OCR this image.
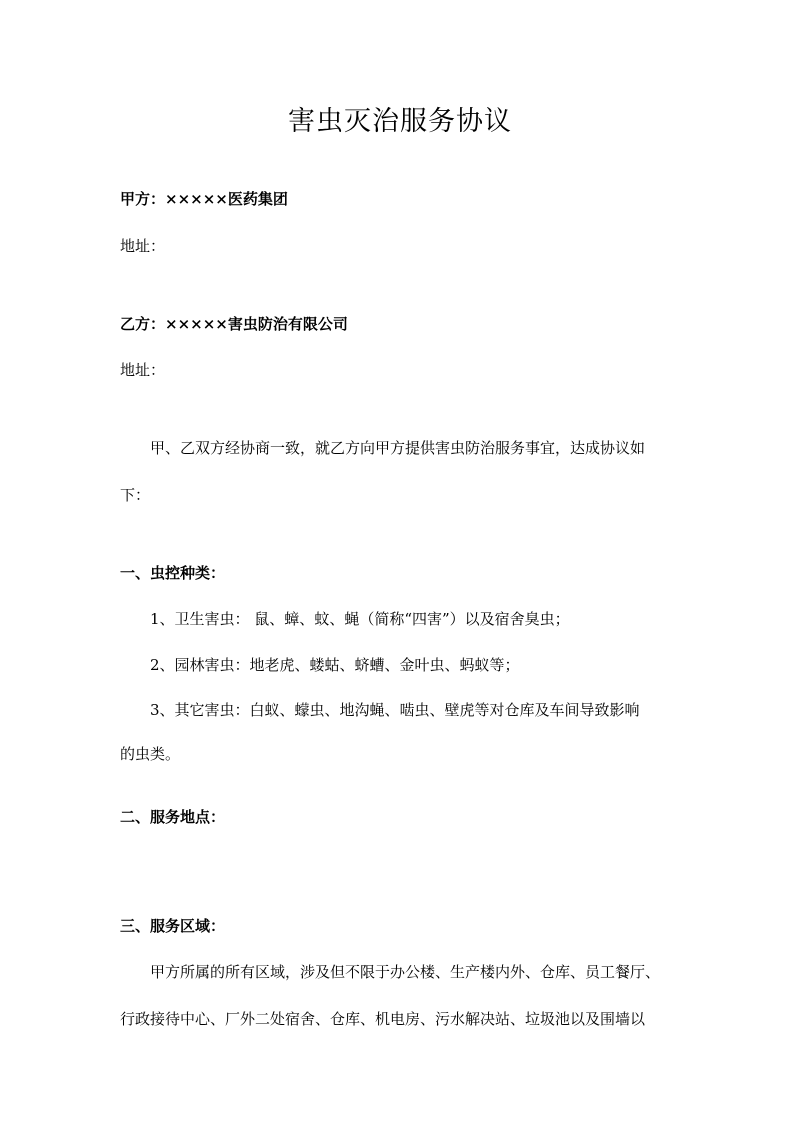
害虫灭治服务协议
甲方：×××××医药集团
地址：
乙方：×××××害虫防治有限公司
地址：
甲、乙双方经协商一致，就乙方向甲方提供害虫防治服务事宜，达成协议如
下：
一、虫控种类：
1、卫生害虫： 鼠、蟑、蚊、蝇（简称“四害”）以及宿舍臭虫；
2、园林害虫：地老虎、蝼蛄、蛴螬、金叶虫、蚂蚁等；
3、其它害虫：白蚁、蠓虫、地沟蝇、啮虫、壁虎等对仓库及车间导致影响
的虫类。
二、服务地点：
三、服务区域：
甲方所属的所有区域，涉及但不限于办公楼、生产楼内外、仓库、员工餐厅、
行政接待中心、厂外二处宿舍、仓库、机电房、污水解决站、垃圾池以及围墙以
